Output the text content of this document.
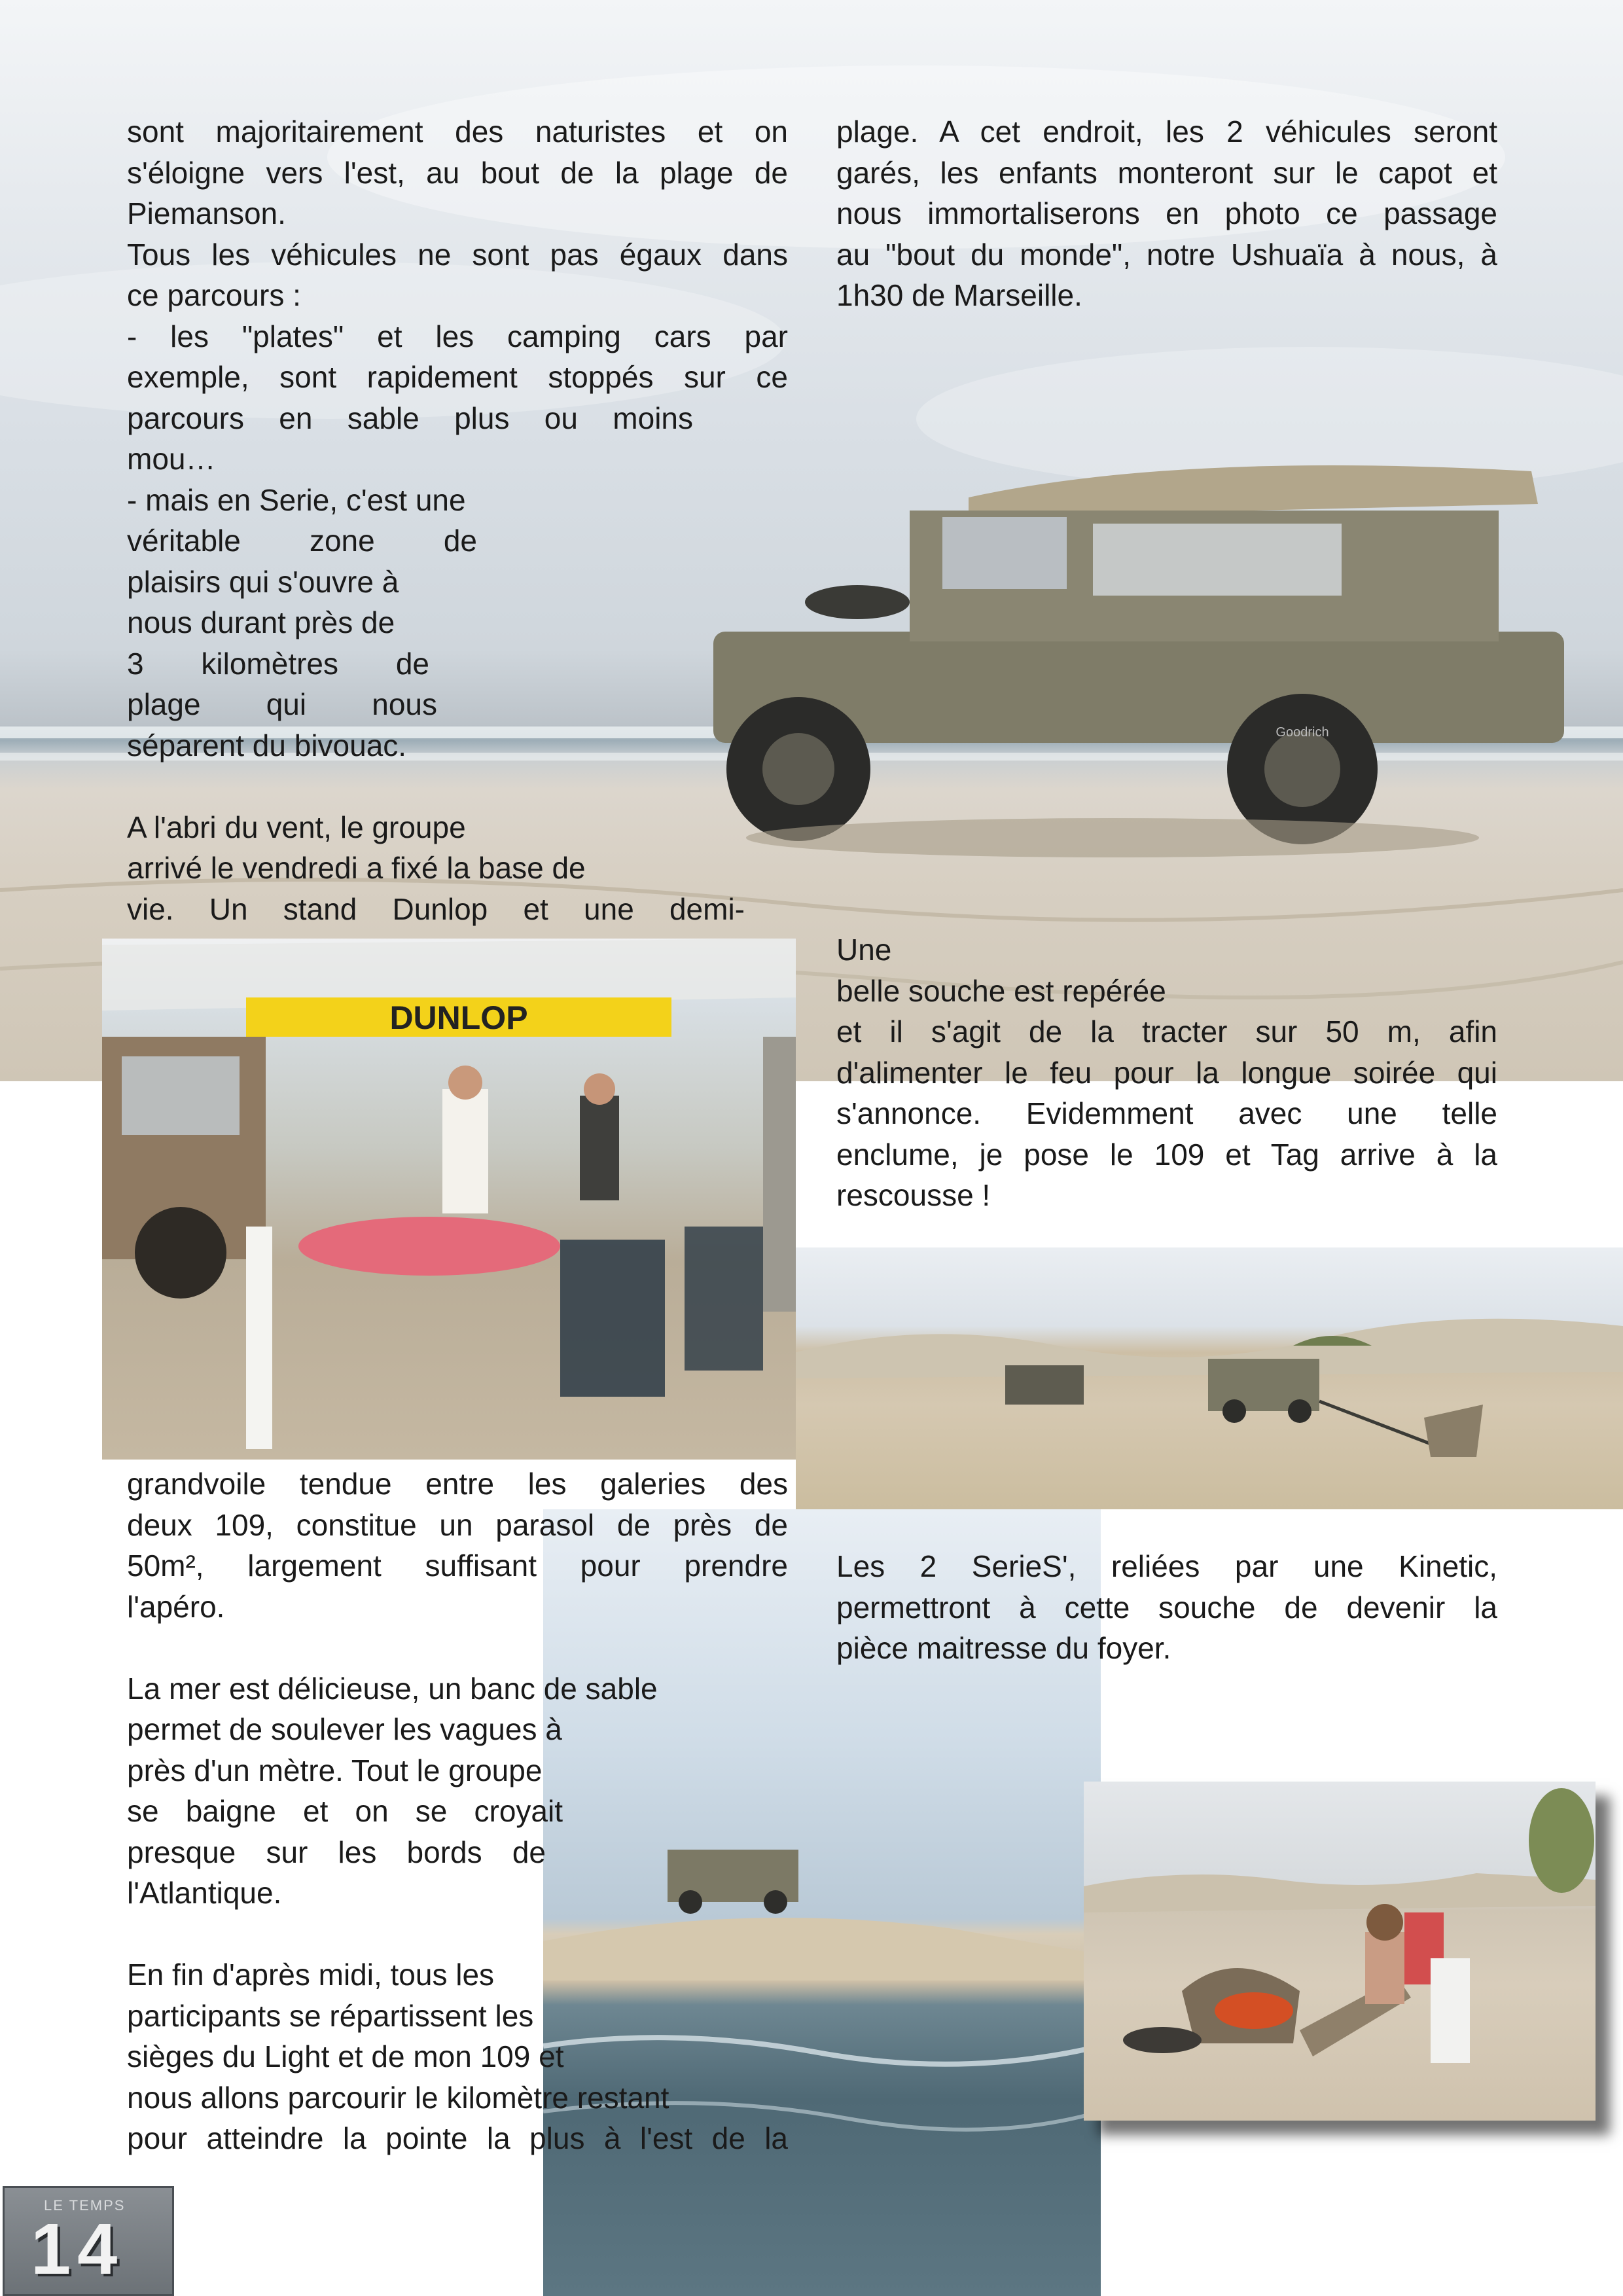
Goodrich
DUNLOP

sont majoritairement des naturistes et on

s'éloigne vers l'est, au bout de la plage de

Piemanson.

Tous les véhicules ne sont pas égaux dans

ce parcours :

- les "plates" et les camping cars par

exemple, sont rapidement stoppés sur ce

parcours en sable plus ou moins

mou…

- mais en Serie, c'est une

véritable zone de

plaisirs qui s'ouvre à

nous durant près de

3 kilomètres de

plage qui nous

séparent du bivouac.

A l'abri du vent, le groupe

arrivé le vendredi a fixé la base de

vie. Un stand Dunlop et une demi-

grandvoile tendue entre les galeries des

deux 109, constitue un parasol de près de

50m², largement suffisant pour prendre

l'apéro.

La mer est délicieuse, un banc de sable

permet de soulever les vagues à

près d'un mètre. Tout le groupe

se baigne et on se croyait

presque sur les bords de

l'Atlantique.

En fin d'après midi, tous les

participants se répartissent les

sièges du Light et de mon 109 et

nous allons parcourir le kilomètre restant

pour atteindre la pointe la plus à l'est de la

plage. A cet endroit, les 2 véhicules seront

garés, les enfants monteront sur le capot et

nous immortaliserons en photo ce passage

au "bout du monde", notre Ushuaïa à nous, à

1h30 de Marseille.

Une

belle souche est repérée

et il s'agit de la tracter sur 50 m, afin

d'alimenter le feu pour la longue soirée qui

s'annonce. Evidemment avec une telle

enclume, je pose le 109 et Tag arrive à la

rescousse !

Les 2 SerieS', reliées par une Kinetic,

permettront à cette souche de devenir la

pièce maitresse du foyer.

LE TEMPS
14
